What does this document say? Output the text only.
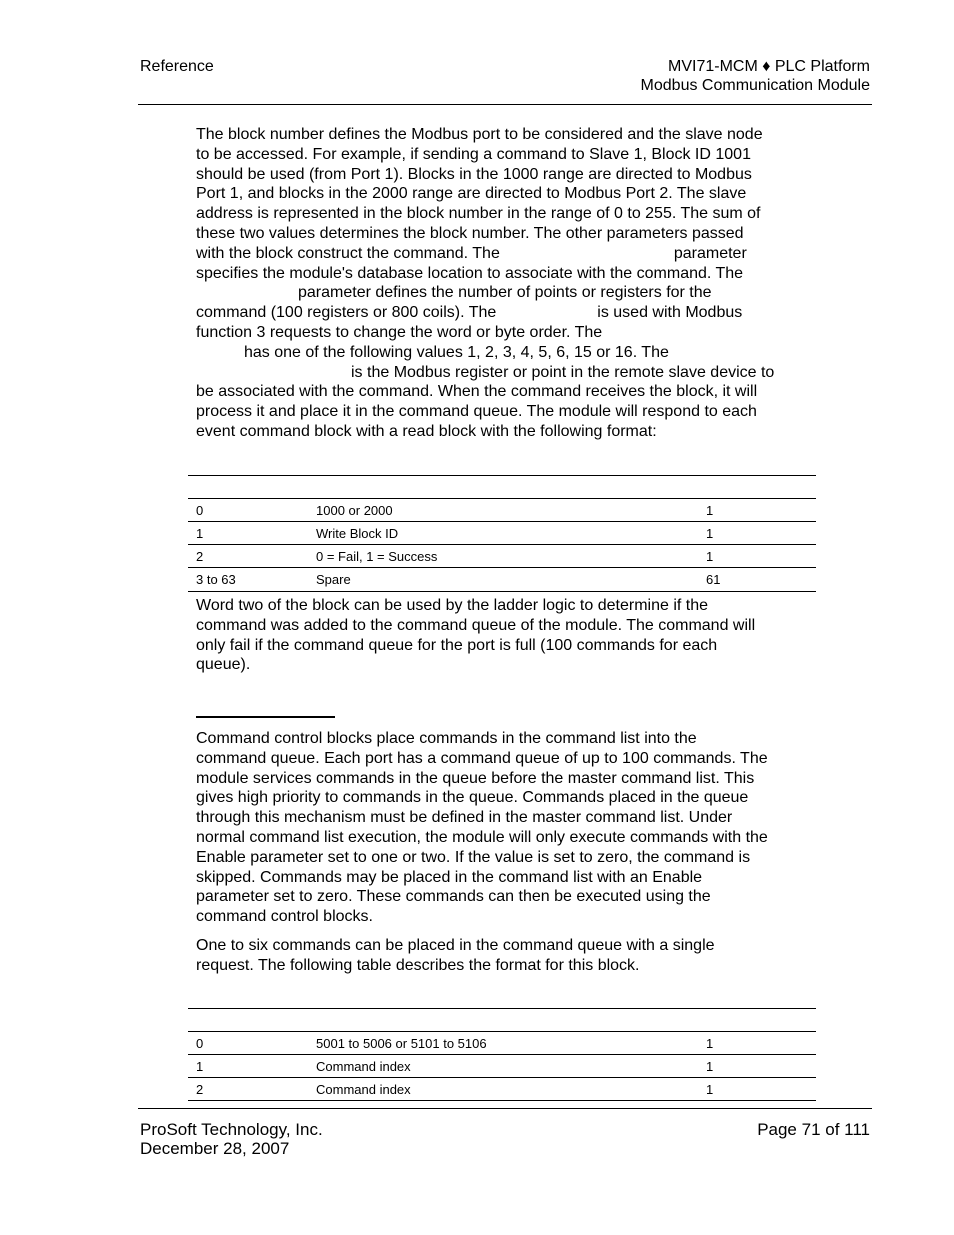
Reference	MVI71-MCM ♦ PLC Platform
Modbus Communication Module
The block number defines the Modbus port to be considered and the slave node
to be accessed. For example, if sending a command to Slave 1, Block ID 1001
should be used (from Port 1). Blocks in the 1000 range are directed to Modbus
Port 1, and blocks in the 2000 range are directed to Modbus Port 2. The slave
address is represented in the block number in the range of 0 to 255. The sum of
these two values determines the block number. The other parameters passed
with the block construct the command. The	parameter
specifies the module's database location to associate with the command. The
parameter defines the number of points or registers for the
command (100 registers or 800 coils). The	is used with Modbus
function 3 requests to change the word or byte order. The
has one of the following values 1, 2, 3, 4, 5, 6, 15 or 16. The
is the Modbus register or point in the remote slave device to
be associated with the command. When the command receives the block, it will
process it and place it in the command queue. The module will respond to each
event command block with a read block with the following format:

0	1000 or 2000	1
1	Write Block ID	1
2	0 = Fail, 1 = Success	1
3 to 63	Spare	61
Word two of the block can be used by the ladder logic to determine if the
command was added to the command queue of the module. The command will
only fail if the command queue for the port is full (100 commands for each
queue).
Command control blocks place commands in the command list into the
command queue. Each port has a command queue of up to 100 commands. The
module services commands in the queue before the master command list. This
gives high priority to commands in the queue. Commands placed in the queue
through this mechanism must be defined in the master command list. Under
normal command list execution, the module will only execute commands with the
Enable parameter set to one or two. If the value is set to zero, the command is
skipped. Commands may be placed in the command list with an Enable
parameter set to zero. These commands can then be executed using the
command control blocks.
One to six commands can be placed in the command queue with a single
request. The following table describes the format for this block.

0	5001 to 5006 or 5101 to 5106	1
1	Command index	1
2	Command index	1
ProSoft Technology, Inc.
December 28, 2007
Page 71 of 111
